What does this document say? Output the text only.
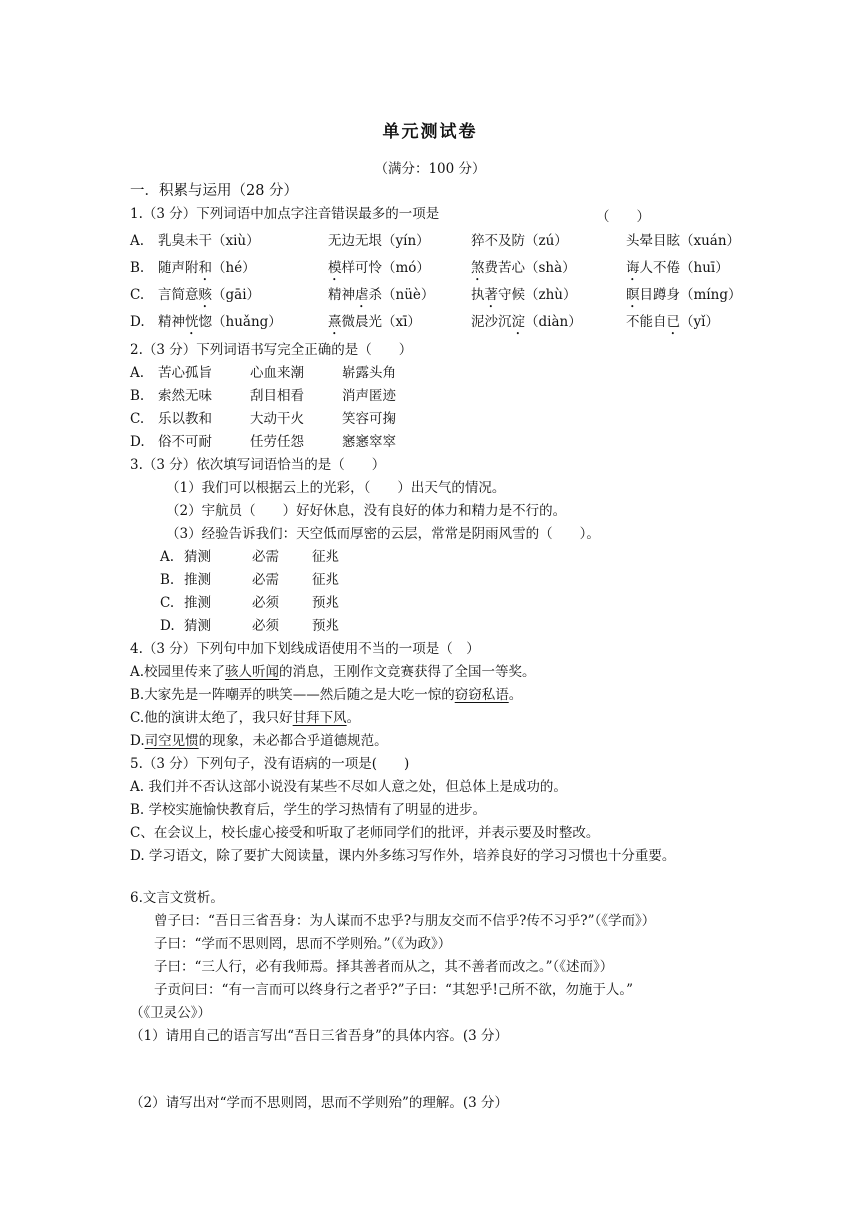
单元测试卷
（满分：100 分）
一．积累与运用（28 分）
1.（3 分）下列词语中加点字注音错误最多的一项是	（　　）
A. 乳臭未干（xiù）	无边无垠（yín）	猝不及防（zú）	头晕目眩（xuán）
B. 随声附和（hé）	模样可怜（mó）	煞费苦心（shà）	诲人不倦（huī）
C. 言简意赅（gāi）	精神虐杀（nüè）	执著守候（zhù）	瞑目蹲身（míng）
D. 精神恍惚（huǎng）	熹微晨光（xī）	泥沙沉淀（diàn）	不能自已（yǐ）
2.（3 分）下列词语书写完全正确的是（　　）
A. 苦心孤旨	心血来潮	崭露头角
B. 索然无味	刮目相看	消声匿迹
C. 乐以教和	大动干火	笑容可掬
D. 俗不可耐	任劳任怨	窸窸窣窣
3.（3 分）依次填写词语恰当的是（　　）
（1）我们可以根据云上的光彩，（　　）出天气的情况。
（2）宇航员（　　）好好休息，没有良好的体力和精力是不行的。
（3）经验告诉我们：天空低而厚密的云层，常常是阴雨风雪的（　　）。
A. 猜测	必需 征兆
B. 推测	必需 征兆
C. 推测	必须 预兆
D. 猜测	必须 预兆
4.（3 分）下列句中加下划线成语使用不当的一项是（　）
A.校园里传来了骇人听闻的消息，王刚作文竞赛获得了全国一等奖。
B.大家先是一阵嘲弄的哄笑——然后随之是大吃一惊的窃窃私语。
C.他的演讲太绝了，我只好甘拜下风。
D.司空见惯的现象，未必都合乎道德规范。
5.（3 分）下列句子，没有语病的一项是(　　)
A. 我们并不否认这部小说没有某些不尽如人意之处，但总体上是成功的。
B. 学校实施愉快教育后，学生的学习热情有了明显的进步。
C、在会议上，校长虚心接受和听取了老师同学们的批评，并表示要及时整改。
D. 学习语文，除了要扩大阅读量，课内外多练习写作外，培养良好的学习习惯也十分重要。
6.文言文赏析。
曾子曰：“吾日三省吾身：为人谋而不忠乎?与朋友交而不信乎?传不习乎?”（《学而》）
子曰：“学而不思则罔，思而不学则殆。”（《为政》）
子曰：“三人行，必有我师焉。择其善者而从之，其不善者而改之。”（《述而》）
子贡问曰：“有一言而可以终身行之者乎?”子曰：“其恕乎!己所不欲，勿施于人。”
（《卫灵公》）
（1）请用自己的语言写出“吾日三省吾身”的具体内容。(3 分）
（2）请写出对“学而不思则罔，思而不学则殆”的理解。(3 分）
